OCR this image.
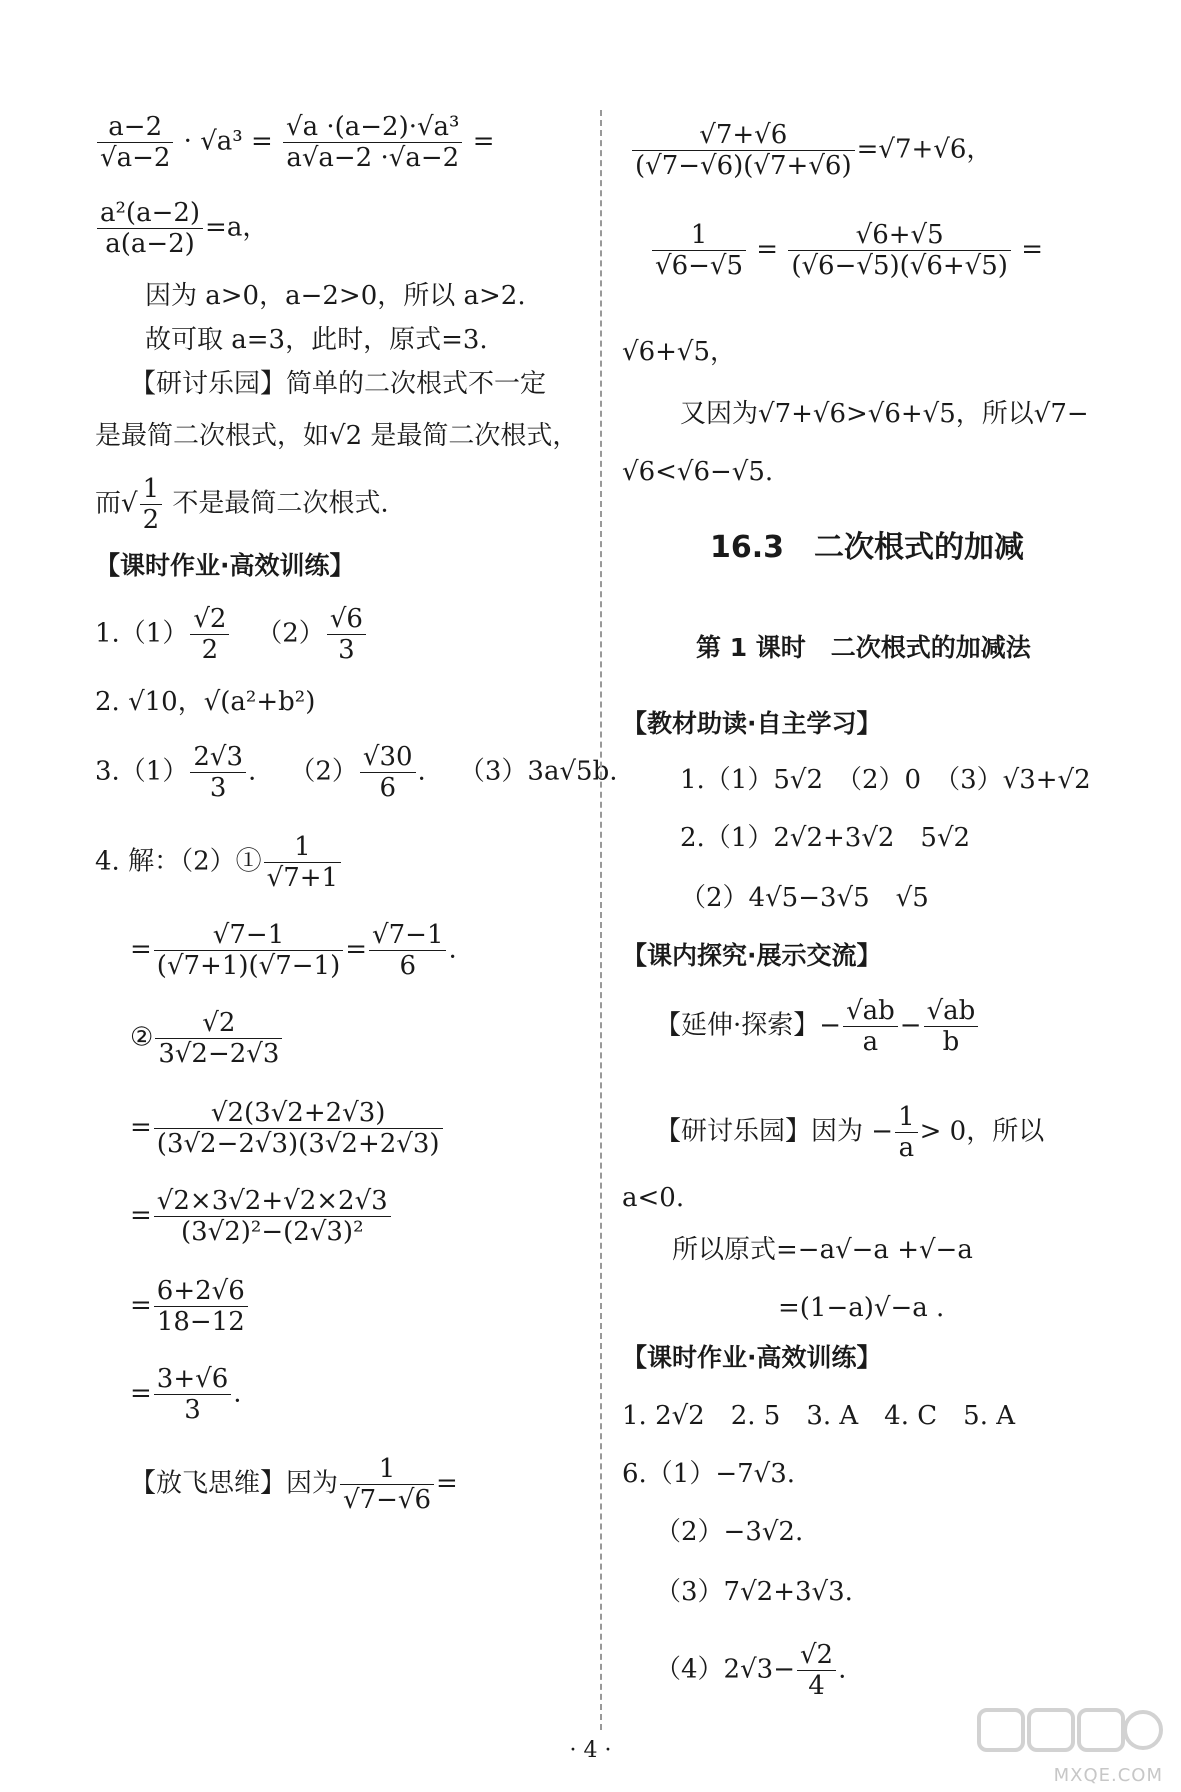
$\frac{a-2}{√a-2} \cdot √a^3 = \frac{\text{√a ·(a−2)·√a³}}{a√a-2 \cdot√a-2}$ =
$\frac{\text{a²(a−2)}}{a(a-2)} =a$，
因为 a>0，a−2>0，所以 a>2.
故可取 a=3，此时，原式=3.
【研讨乐园】简单的二次根式不一定
是最简二次根式，如√2 是最简二次根式，
而√ $\frac{1}{2}$ 不是最简二次根式.
【课时作业·高效训练】
$1.(1) \frac{√2}{2} (2) \frac{√6}{3}$
2. √10，√(a²+b²)
$3.(1) \frac{2√3}{3}$ . $(2) \frac{√30}{6}$ . （3）3a√5b.
4. 解：（2）① $\frac{1}{√7+1}$
= $\frac{√7-1}{(√7+1)(√7-1)} = \frac{√7-1}{6}$ .
② $\frac{√2}{3√2-2√3}$
= $\frac{√2(3√2+2√3)}{(3√2-2√3)(3√2+2√3)}$
= $\frac{√2\times 3√2+√2\times 2√3}{\text{(3√2)²−(2√3)²}}$
= $\frac{6+2√6}{18-12}$
= $\frac{3+√6}{3}$ .
【放飞思维】因为 $\frac{1}{√7-√6}$ =
$\frac{√7+√6}{(√7-√6)(√7+√6)} =√7+√6$，
$\frac{1}{√6-√5} = \frac{√6+√5}{(√6-√5)(√6+√5)}$ =
√6+√5，
又因为√7+√6>√6+√5，所以√7−
√6<√6−√5.
16.3　二次根式的加减
第 1 课时　二次根式的加减法
【教材助读·自主学习】
1.（1）5√2　（2）0　（3）√3+√2
2.（1）2√2+3√2　5√2
（2）4√5−3√5　√5
【课内探究·展示交流】
【延伸·探索】− $\frac{√ab}{a} - \frac{√ab}{b}$
【研讨乐园】因为 − $\frac{1}{a} > 0$，所以
a<0.
所以原式=−a√−a +√−a
=(1−a)√−a .
【课时作业·高效训练】
1. 2√2　2. 5　3. A　4. C　5. A
6.（1）−7√3.
（2）−3√2.
（3）7√2+3√3.
$(4)2√3- \frac{√2}{4}$ .
· 4 ·
MXQE.COM
